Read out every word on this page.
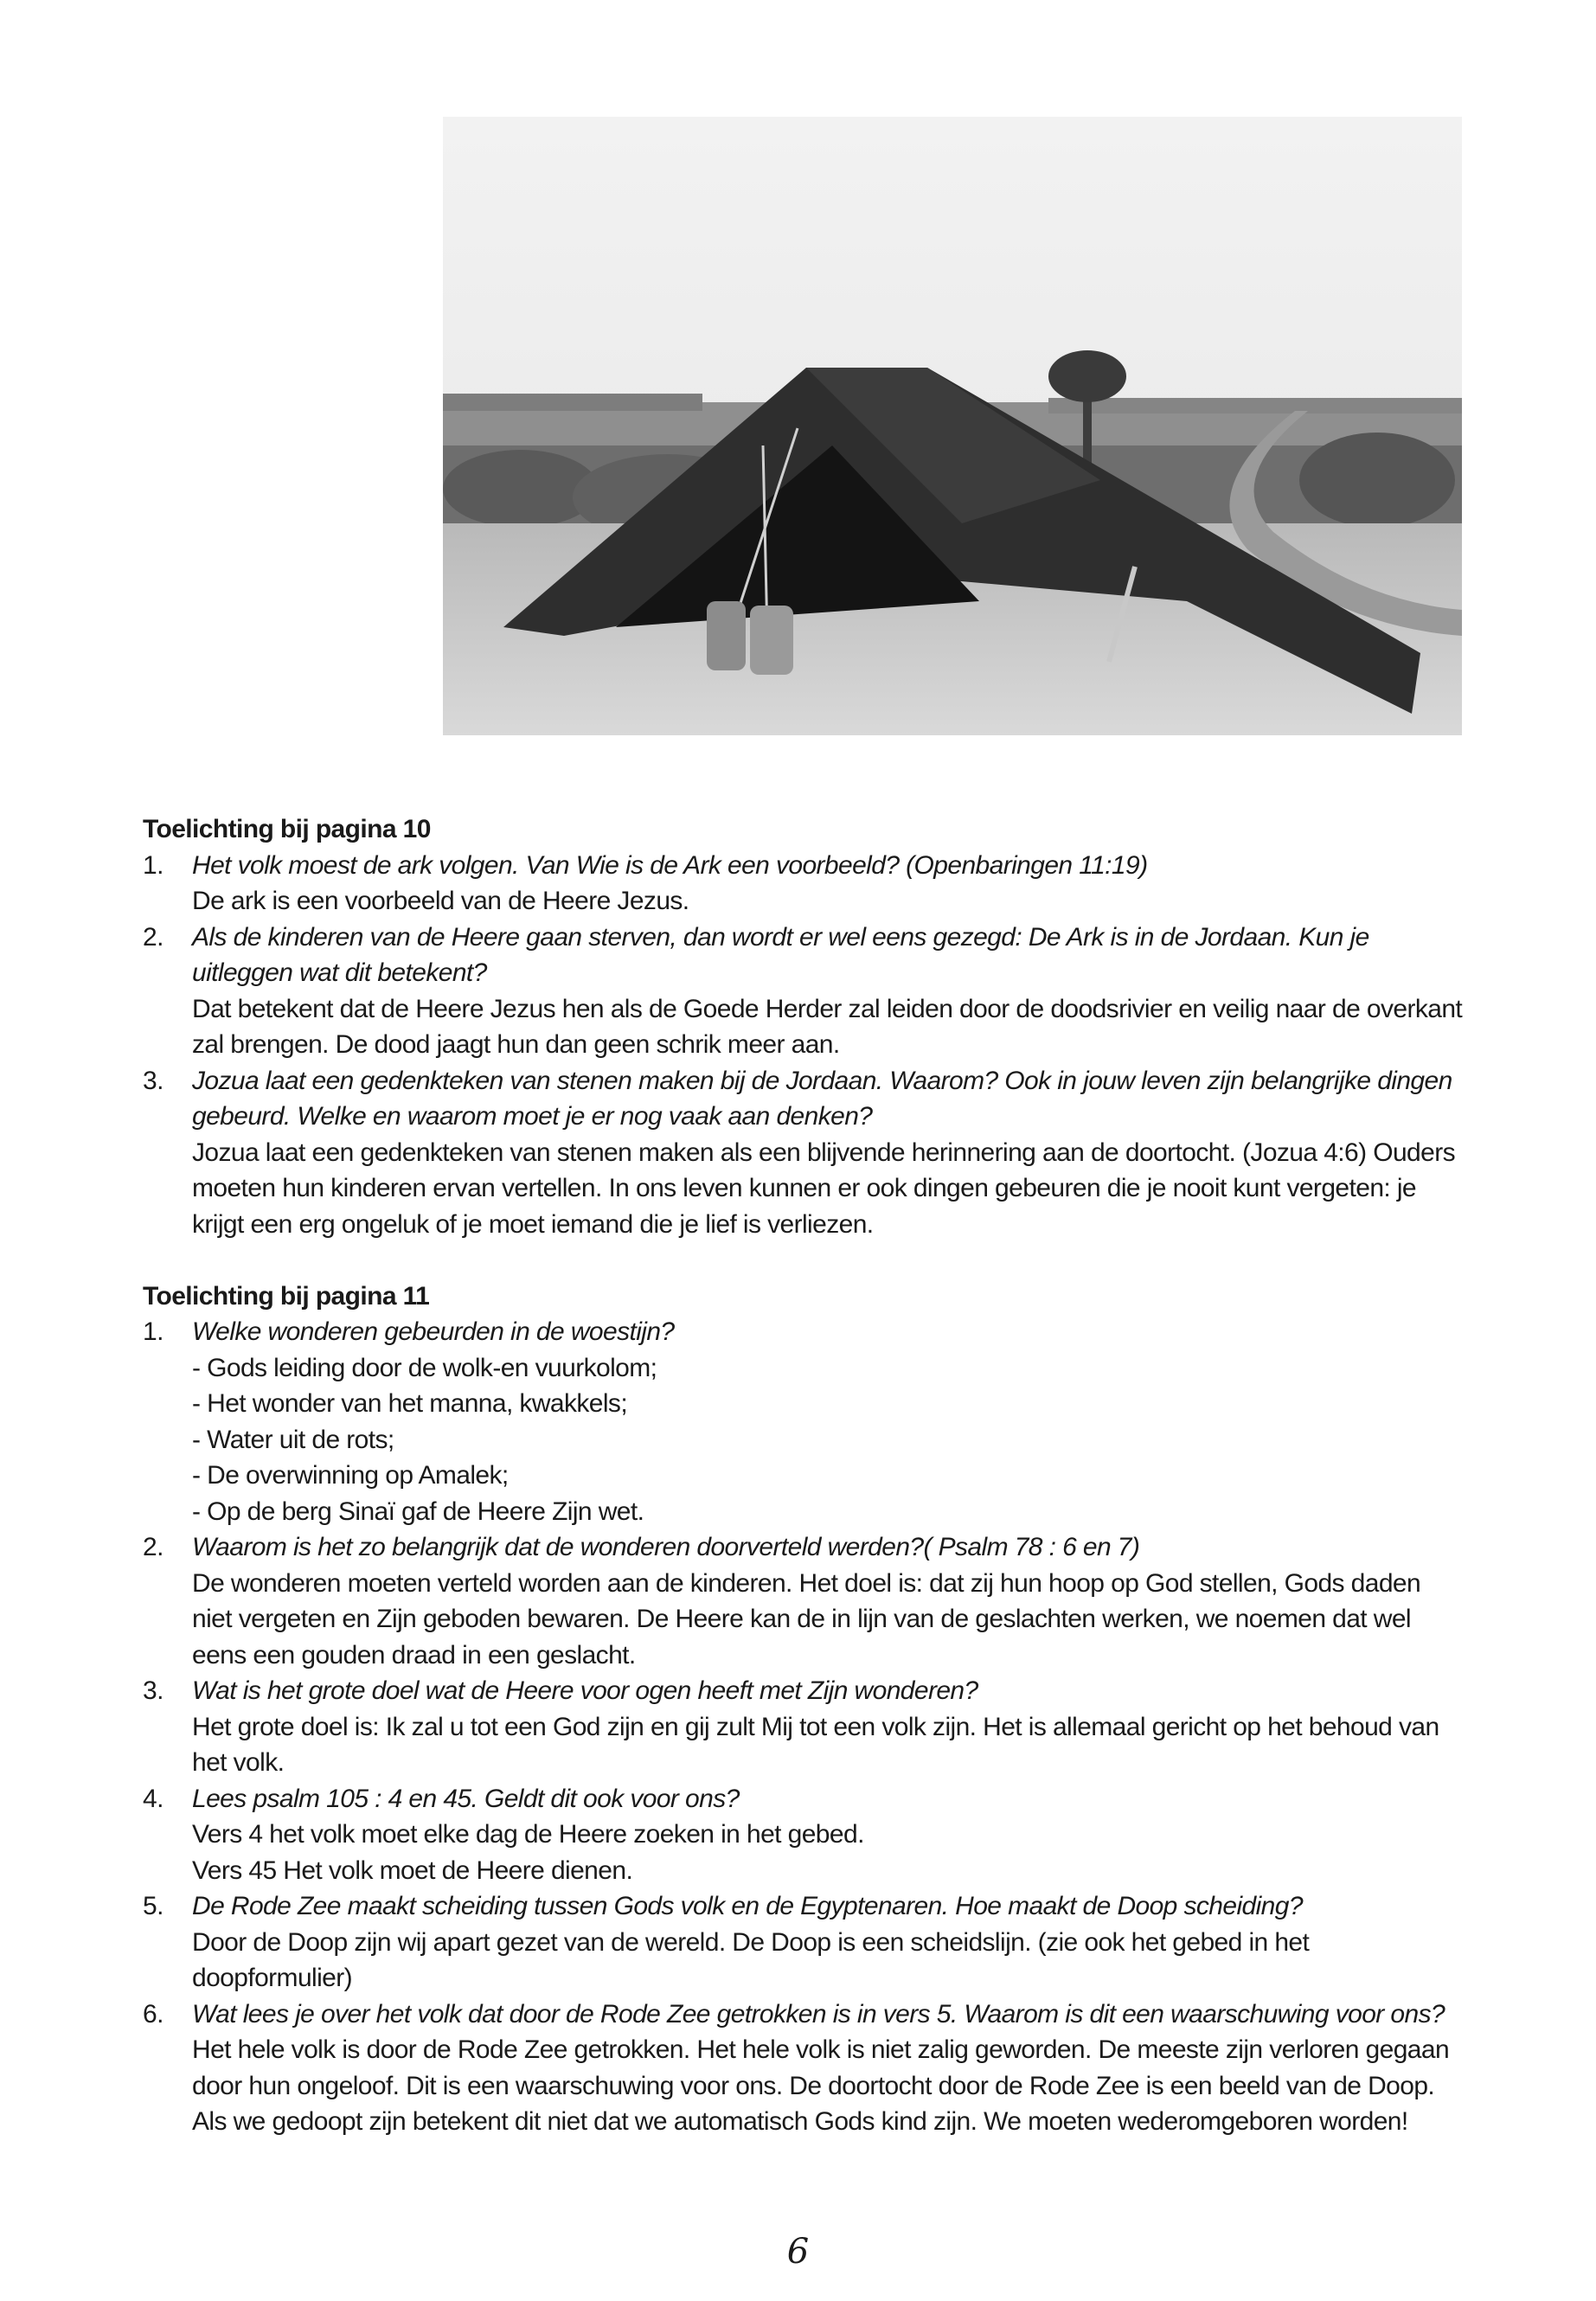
Toelichting bij pagina 10
1. Het volk moest de ark volgen. Van Wie is de Ark een voorbeeld? (Openbaringen 11:19)
De ark is een voorbeeld van de Heere Jezus.
2. Als de kinderen van de Heere gaan sterven, dan wordt er wel eens gezegd: De Ark is in de Jordaan. Kun je uitleggen wat dit betekent?
Dat betekent dat de Heere Jezus hen als de Goede Herder zal leiden door de doodsrivier en veilig naar de overkant zal brengen. De dood jaagt hun dan geen schrik meer aan.
3. Jozua laat een gedenkteken van stenen maken bij de Jordaan. Waarom? Ook in jouw leven zijn belangrijke dingen gebeurd. Welke en waarom moet je er nog vaak aan denken?
Jozua laat een gedenkteken van stenen maken als een blijvende herinnering aan de doortocht. (Jozua 4:6) Ouders moeten hun kinderen ervan vertellen. In ons leven kunnen er ook dingen gebeuren die je nooit kunt vergeten: je krijgt een erg ongeluk of je moet iemand die je lief is verliezen.
Toelichting bij pagina 11
1. Welke wonderen gebeurden in de woestijn?
- Gods leiding door de wolk-en vuurkolom;
- Het wonder van het manna, kwakkels;
- Water uit de rots;
- De overwinning op Amalek;
- Op de berg Sinaï gaf de Heere Zijn wet.
2. Waarom is het zo belangrijk dat de wonderen doorverteld werden?( Psalm 78 : 6 en 7)
De wonderen moeten verteld worden aan de kinderen. Het doel is: dat zij hun hoop op God stellen, Gods daden niet vergeten en Zijn geboden bewaren. De Heere kan de in lijn van de geslachten werken, we noemen dat wel eens een gouden draad in een geslacht.
3. Wat is het grote doel wat de Heere voor ogen heeft met Zijn wonderen?
Het grote doel is: Ik zal u tot een God zijn en gij zult Mij tot een volk zijn. Het is allemaal gericht op het behoud van het volk.
4. Lees psalm 105 : 4 en 45. Geldt dit ook voor ons?
Vers 4 het volk moet elke dag de Heere zoeken in het gebed.
Vers 45 Het volk moet de Heere dienen.
5. De Rode Zee maakt scheiding tussen Gods volk en de Egyptenaren. Hoe maakt de Doop scheiding?
Door de Doop zijn wij apart gezet van de wereld. De Doop is een scheidslijn. (zie ook het gebed in het doopformulier)
6. Wat lees je over het volk dat door de Rode Zee getrokken is in vers 5. Waarom is dit een waarschuwing voor ons?
Het hele volk is door de Rode Zee getrokken. Het hele volk is niet zalig geworden. De meeste zijn verloren gegaan door hun ongeloof. Dit is een waarschuwing voor ons. De doortocht door de Rode Zee is een beeld van de Doop. Als we gedoopt zijn betekent dit niet dat we automatisch Gods kind zijn. We moeten wederomgeboren worden!
6
